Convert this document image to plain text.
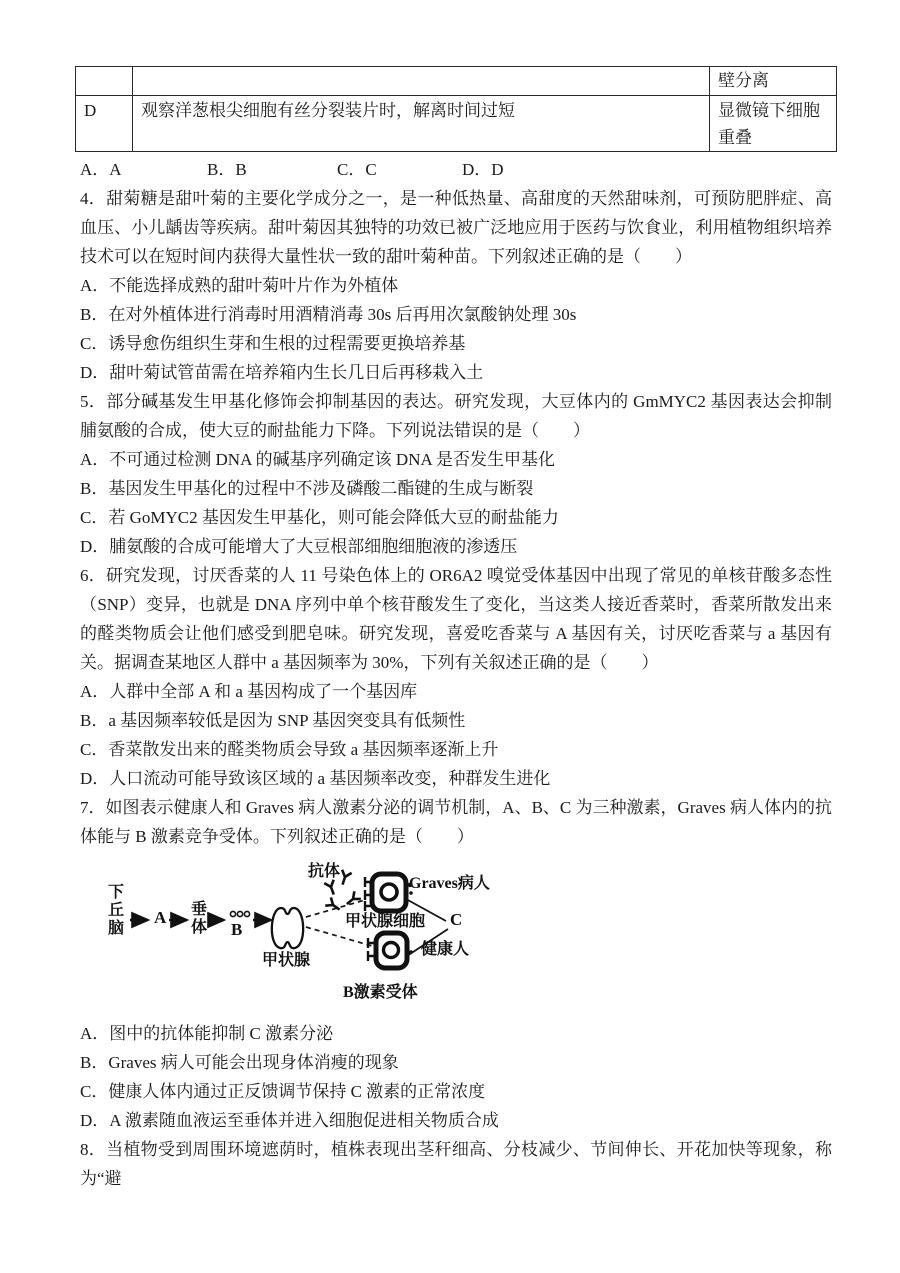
		壁分离
D	观察洋葱根尖细胞有丝分裂装片时，解离时间过短	显微镜下细胞重叠
A．A	B．B	C．C	D．D

4．甜菊糖是甜叶菊的主要化学成分之一，是一种低热量、高甜度的天然甜味剂，可预防肥胖症、高血压、小儿龋齿等疾病。甜叶菊因其独特的功效已被广泛地应用于医药与饮食业，利用植物组织培养技术可以在短时间内获得大量性状一致的甜叶菊种苗。下列叙述正确的是（　　）

A．不能选择成熟的甜叶菊叶片作为外植体
B．在对外植体进行消毒时用酒精消毒 30s 后再用次氯酸钠处理 30s
C．诱导愈伤组织生芽和生根的过程需要更换培养基
D．甜叶菊试管苗需在培养箱内生长几日后再移栽入土

5．部分碱基发生甲基化修饰会抑制基因的表达。研究发现，大豆体内的 GmMYC2 基因表达会抑制脯氨酸的合成，使大豆的耐盐能力下降。下列说法错误的是（　　）

A．不可通过检测 DNA 的碱基序列确定该 DNA 是否发生甲基化
B．基因发生甲基化的过程中不涉及磷酸二酯键的生成与断裂
C．若 GoMYC2 基因发生甲基化，则可能会降低大豆的耐盐能力
D．脯氨酸的合成可能增大了大豆根部细胞细胞液的渗透压

6．研究发现，讨厌香菜的人 11 号染色体上的 OR6A2 嗅觉受体基因中出现了常见的单核苷酸多态性（SNP）变异，也就是 DNA 序列中单个核苷酸发生了变化，当这类人接近香菜时，香菜所散发出来的醛类物质会让他们感受到肥皂味。研究发现，喜爱吃香菜与 A 基因有关，讨厌吃香菜与 a 基因有关。据调查某地区人群中 a 基因频率为 30%，下列有关叙述正确的是（　　）

A．人群中全部 A 和 a 基因构成了一个基因库
B．a 基因频率较低是因为 SNP 基因突变具有低频性
C．香菜散发出来的醛类物质会导致 a 基因频率逐渐上升
D．人口流动可能导致该区域的 a 基因频率改变，种群发生进化

7．如图表示健康人和 Graves 病人激素分泌的调节机制，A、B、C 为三种激素，Graves 病人体内的抗体能与 B 激素竞争受体。下列叙述正确的是（　　）

下丘脑
A 垂体 B
甲状腺
抗体
甲状腺细胞
Graves病人
C
健康人
B激素受体
A．图中的抗体能抑制 C 激素分泌
B．Graves 病人可能会出现身体消瘦的现象
C．健康人体内通过正反馈调节保持 C 激素的正常浓度
D．A 激素随血液运至垂体并进入细胞促进相关物质合成

8．当植物受到周围环境遮荫时，植株表现出茎秆细高、分枝减少、节间伸长、开花加快等现象，称为“避
